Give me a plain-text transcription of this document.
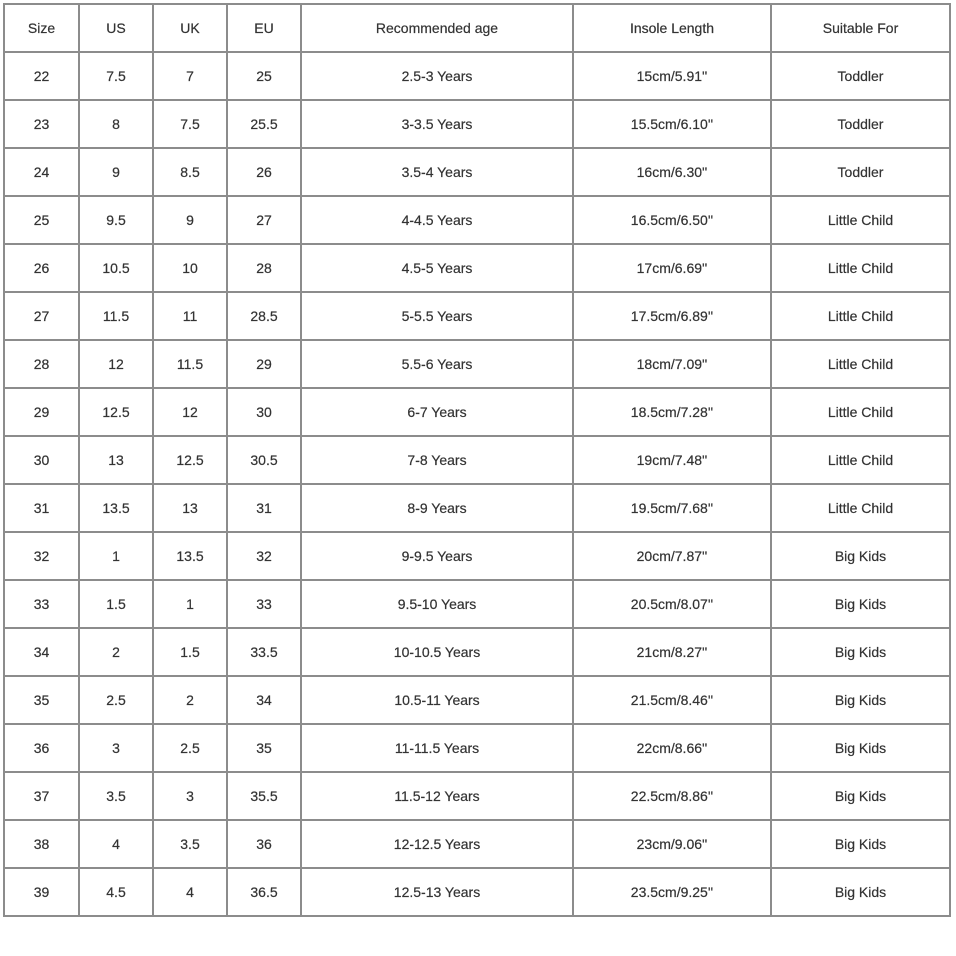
Size	US	UK	EU	Recommended age	Insole Length	Suitable For
22	7.5	7	25	2.5-3 Years	15cm/5.91''	Toddler
23	8	7.5	25.5	3-3.5 Years	15.5cm/6.10''	Toddler
24	9	8.5	26	3.5-4 Years	16cm/6.30''	Toddler
25	9.5	9	27	4-4.5 Years	16.5cm/6.50''	Little Child
26	10.5	10	28	4.5-5 Years	17cm/6.69''	Little Child
27	11.5	11	28.5	5-5.5 Years	17.5cm/6.89''	Little Child
28	12	11.5	29	5.5-6 Years	18cm/7.09''	Little Child
29	12.5	12	30	6-7 Years	18.5cm/7.28''	Little Child
30	13	12.5	30.5	7-8 Years	19cm/7.48''	Little Child
31	13.5	13	31	8-9 Years	19.5cm/7.68''	Little Child
32	1	13.5	32	9-9.5 Years	20cm/7.87''	Big Kids
33	1.5	1	33	9.5-10 Years	20.5cm/8.07''	Big Kids
34	2	1.5	33.5	10-10.5 Years	21cm/8.27''	Big Kids
35	2.5	2	34	10.5-11 Years	21.5cm/8.46''	Big Kids
36	3	2.5	35	11-11.5 Years	22cm/8.66''	Big Kids
37	3.5	3	35.5	11.5-12 Years	22.5cm/8.86''	Big Kids
38	4	3.5	36	12-12.5 Years	23cm/9.06''	Big Kids
39	4.5	4	36.5	12.5-13 Years	23.5cm/9.25''	Big Kids
